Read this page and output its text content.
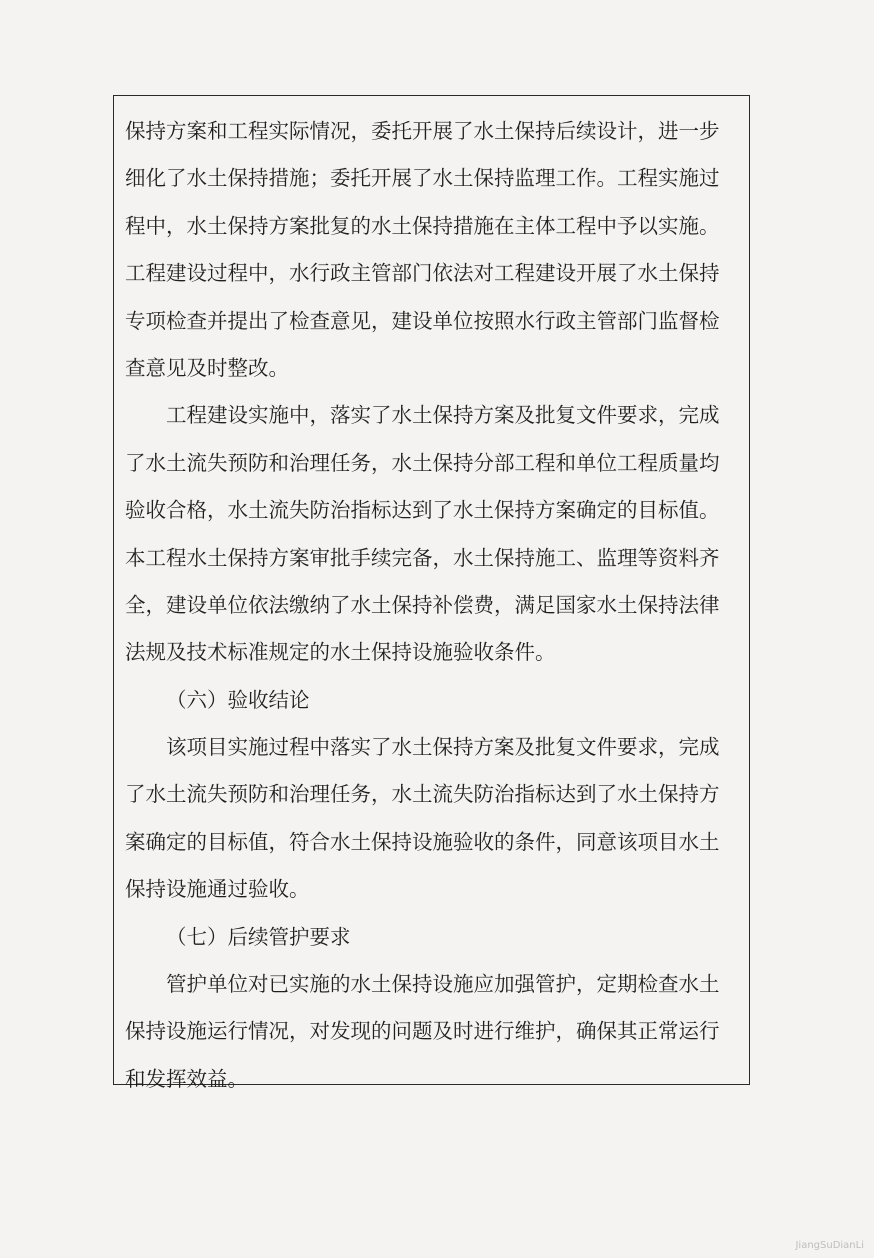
保持方案和工程实际情况，委托开展了水土保持后续设计，进一步
细化了水土保持措施；委托开展了水土保持监理工作。工程实施过
程中，水土保持方案批复的水土保持措施在主体工程中予以实施。
工程建设过程中，水行政主管部门依法对工程建设开展了水土保持
专项检查并提出了检查意见，建设单位按照水行政主管部门监督检
查意见及时整改。
工程建设实施中，落实了水土保持方案及批复文件要求，完成
了水土流失预防和治理任务，水土保持分部工程和单位工程质量均
验收合格，水土流失防治指标达到了水土保持方案确定的目标值。
本工程水土保持方案审批手续完备，水土保持施工、监理等资料齐
全，建设单位依法缴纳了水土保持补偿费，满足国家水土保持法律
法规及技术标准规定的水土保持设施验收条件。
（六）验收结论
该项目实施过程中落实了水土保持方案及批复文件要求，完成
了水土流失预防和治理任务，水土流失防治指标达到了水土保持方
案确定的目标值，符合水土保持设施验收的条件，同意该项目水土
保持设施通过验收。
（七）后续管护要求
管护单位对已实施的水土保持设施应加强管护，定期检查水土
保持设施运行情况，对发现的问题及时进行维护，确保其正常运行
和发挥效益。
JiangSuDianLi
